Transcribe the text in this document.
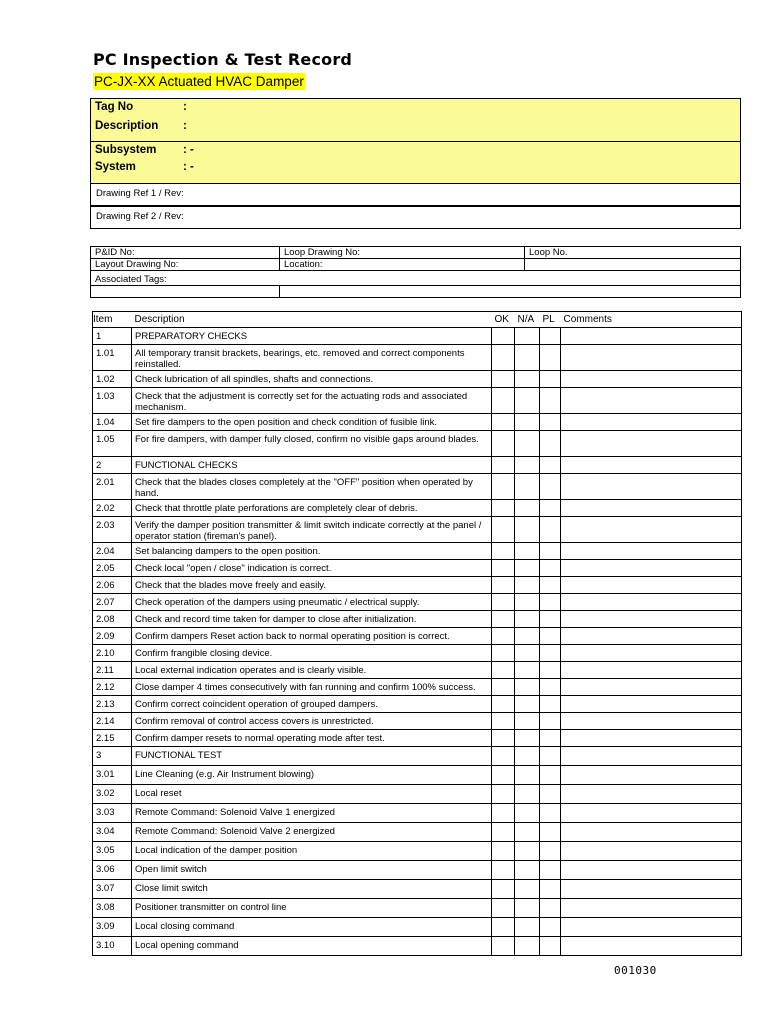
PC Inspection & Test Record
PC-JX-XX Actuated HVAC Damper
Tag No	:
Description :
Subsystem : -
System	: -
Drawing Ref 1 / Rev:
Drawing Ref 2 / Rev:
P&ID No:	Loop Drawing No:	Loop No.
Layout Drawing No:	Location:	
Associated Tags:		

Item	Description	OK	N/A	PL	Comments
1	PREPARATORY CHECKS				
1.01	All temporary transit brackets, bearings, etc. removed and correct components reinstalled.				
1.02	Check lubrication of all spindles, shafts and connections.				
1.03	Check that the adjustment is correctly set for the actuating rods and associated mechanism.				
1.04	Set fire dampers to the open position and check condition of fusible link.				
1.05	For fire dampers, with damper fully closed, confirm no visible gaps around blades.				
2	FUNCTIONAL CHECKS				
2.01	Check that the blades closes completely at the "OFF" position when operated by hand.				
2.02	Check that throttle plate perforations are completely clear of debris.				
2.03	Verify the damper position transmitter & limit switch indicate correctly at the panel / operator station (fireman's panel).				
2.04	Set balancing dampers to the open position.				
2.05	Check local "open / close" indication is correct.				
2.06	Check that the blades move freely and easily.				
2.07	Check operation of the dampers using pneumatic / electrical supply.				
2.08	Check and record time taken for damper to close after initialization.				
2.09	Confirm dampers Reset action back to normal operating position is correct.				
2.10	Confirm frangible closing device.				
2.11	Local external indication operates and is clearly visible.				
2.12	Close damper 4 times consecutively with fan running and confirm 100% success.				
2.13	Confirm correct coincident operation of grouped dampers.				
2.14	Confirm removal of control access covers is unrestricted.				
2.15	Confirm damper resets to normal operating mode after test.				
3	FUNCTIONAL TEST				
3.01	Line Cleaning (e.g. Air Instrument blowing)				
3.02	Local reset				
3.03	Remote Command: Solenoid Valve 1 energized				
3.04	Remote Command: Solenoid Valve 2 energized				
3.05	Local indication of the damper position				
3.06	Open limit switch				
3.07	Close limit switch				
3.08	Positioner transmitter on control line				
3.09	Local closing command				
3.10	Local opening command				
001030
